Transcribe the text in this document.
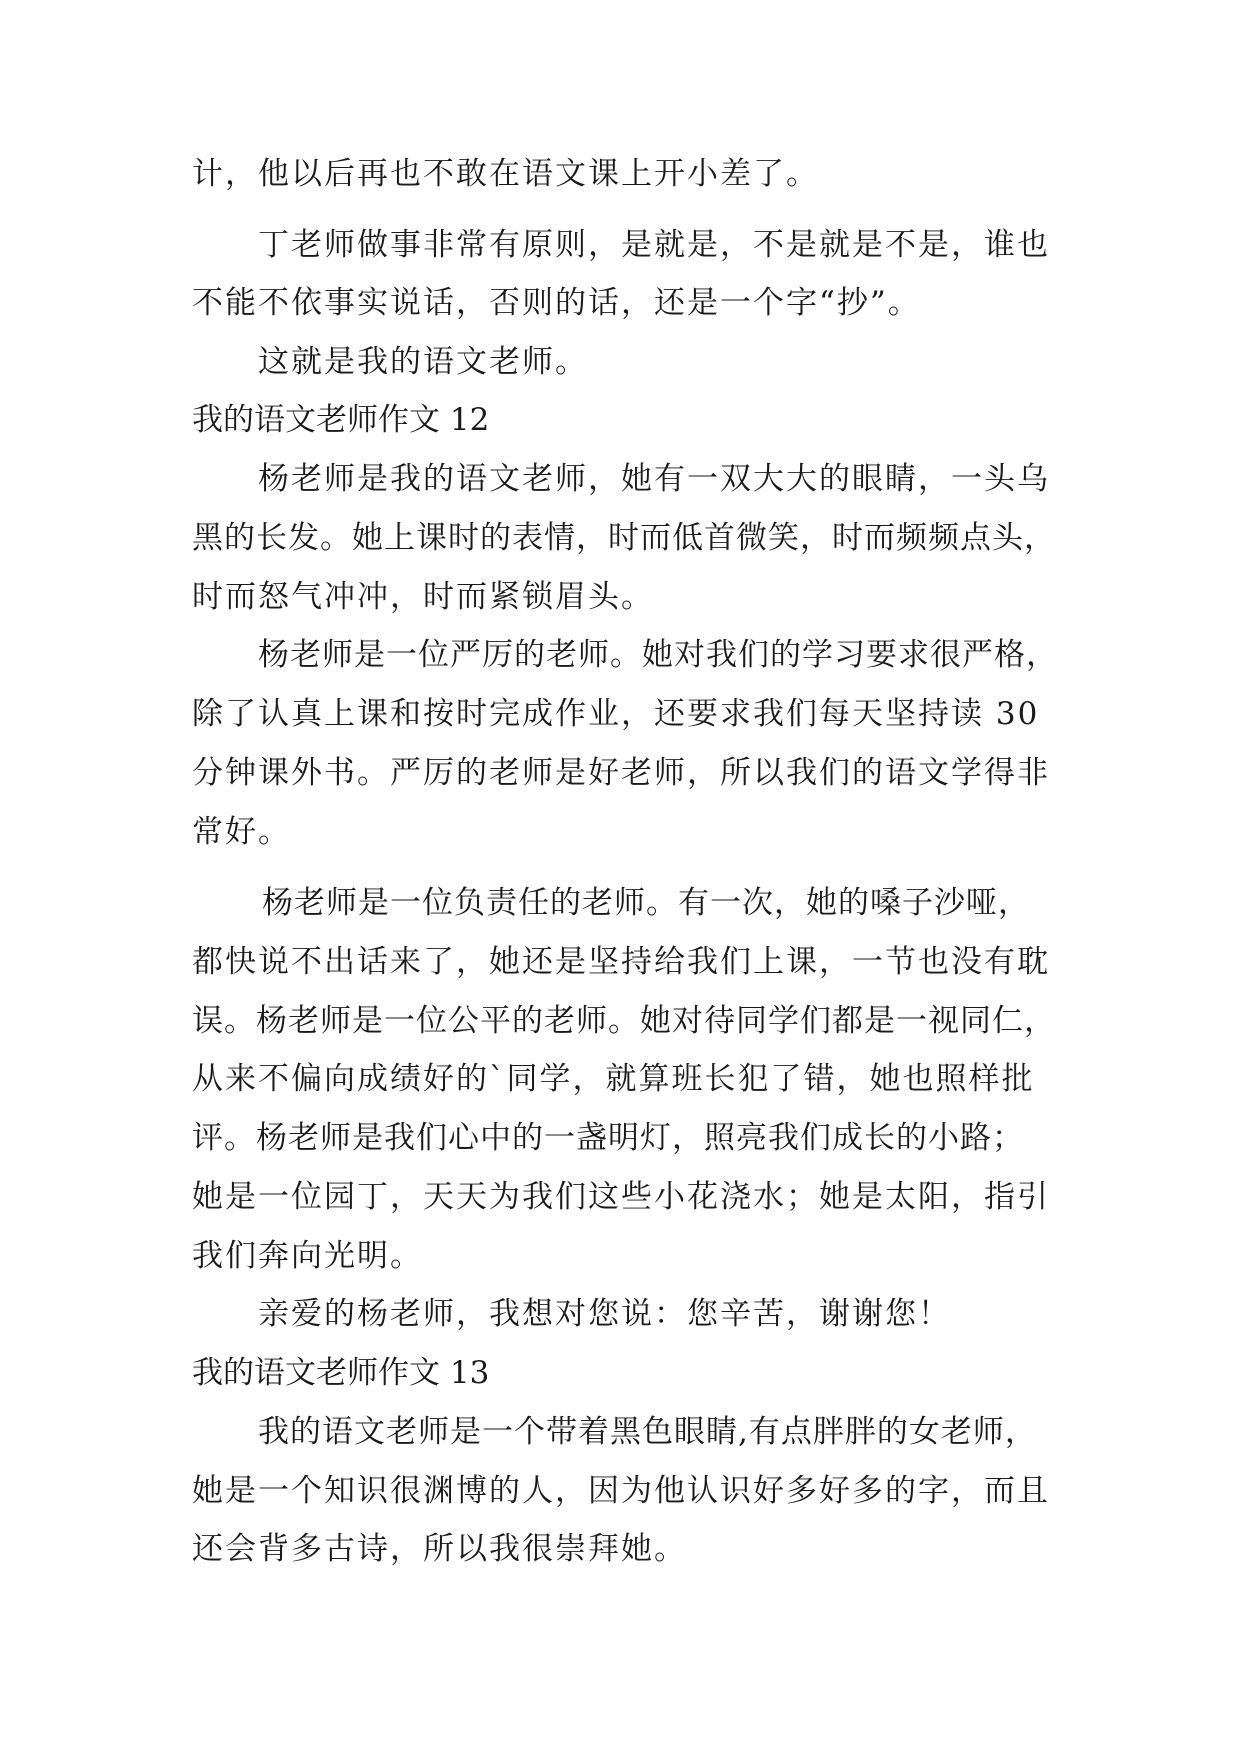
计，他以后再也不敢在语文课上开小差了。
丁老师做事非常有原则，是就是，不是就是不是，谁也
不能不依事实说话，否则的话，还是一个字“抄”。
这就是我的语文老师。
我的语文老师作文 12
杨老师是我的语文老师，她有一双大大的眼睛，一头乌
黑的长发。她上课时的表情，时而低首微笑，时而频频点头，
时而怒气冲冲，时而紧锁眉头。
杨老师是一位严厉的老师。她对我们的学习要求很严格，
除了认真上课和按时完成作业，还要求我们每天坚持读 30
分钟课外书。严厉的老师是好老师，所以我们的语文学得非
常好。
杨老师是一位负责任的老师。有一次，她的嗓子沙哑，
都快说不出话来了，她还是坚持给我们上课，一节也没有耽
误。杨老师是一位公平的老师。她对待同学们都是一视同仁，
从来不偏向成绩好的`同学，就算班长犯了错，她也照样批
评。杨老师是我们心中的一盏明灯，照亮我们成长的小路；
她是一位园丁，天天为我们这些小花浇水；她是太阳，指引
我们奔向光明。
亲爱的杨老师，我想对您说：您辛苦，谢谢您！
我的语文老师作文 13
我的语文老师是一个带着黑色眼睛,有点胖胖的女老师，
她是一个知识很渊博的人，因为他认识好多好多的字，而且
还会背多古诗，所以我很崇拜她。
